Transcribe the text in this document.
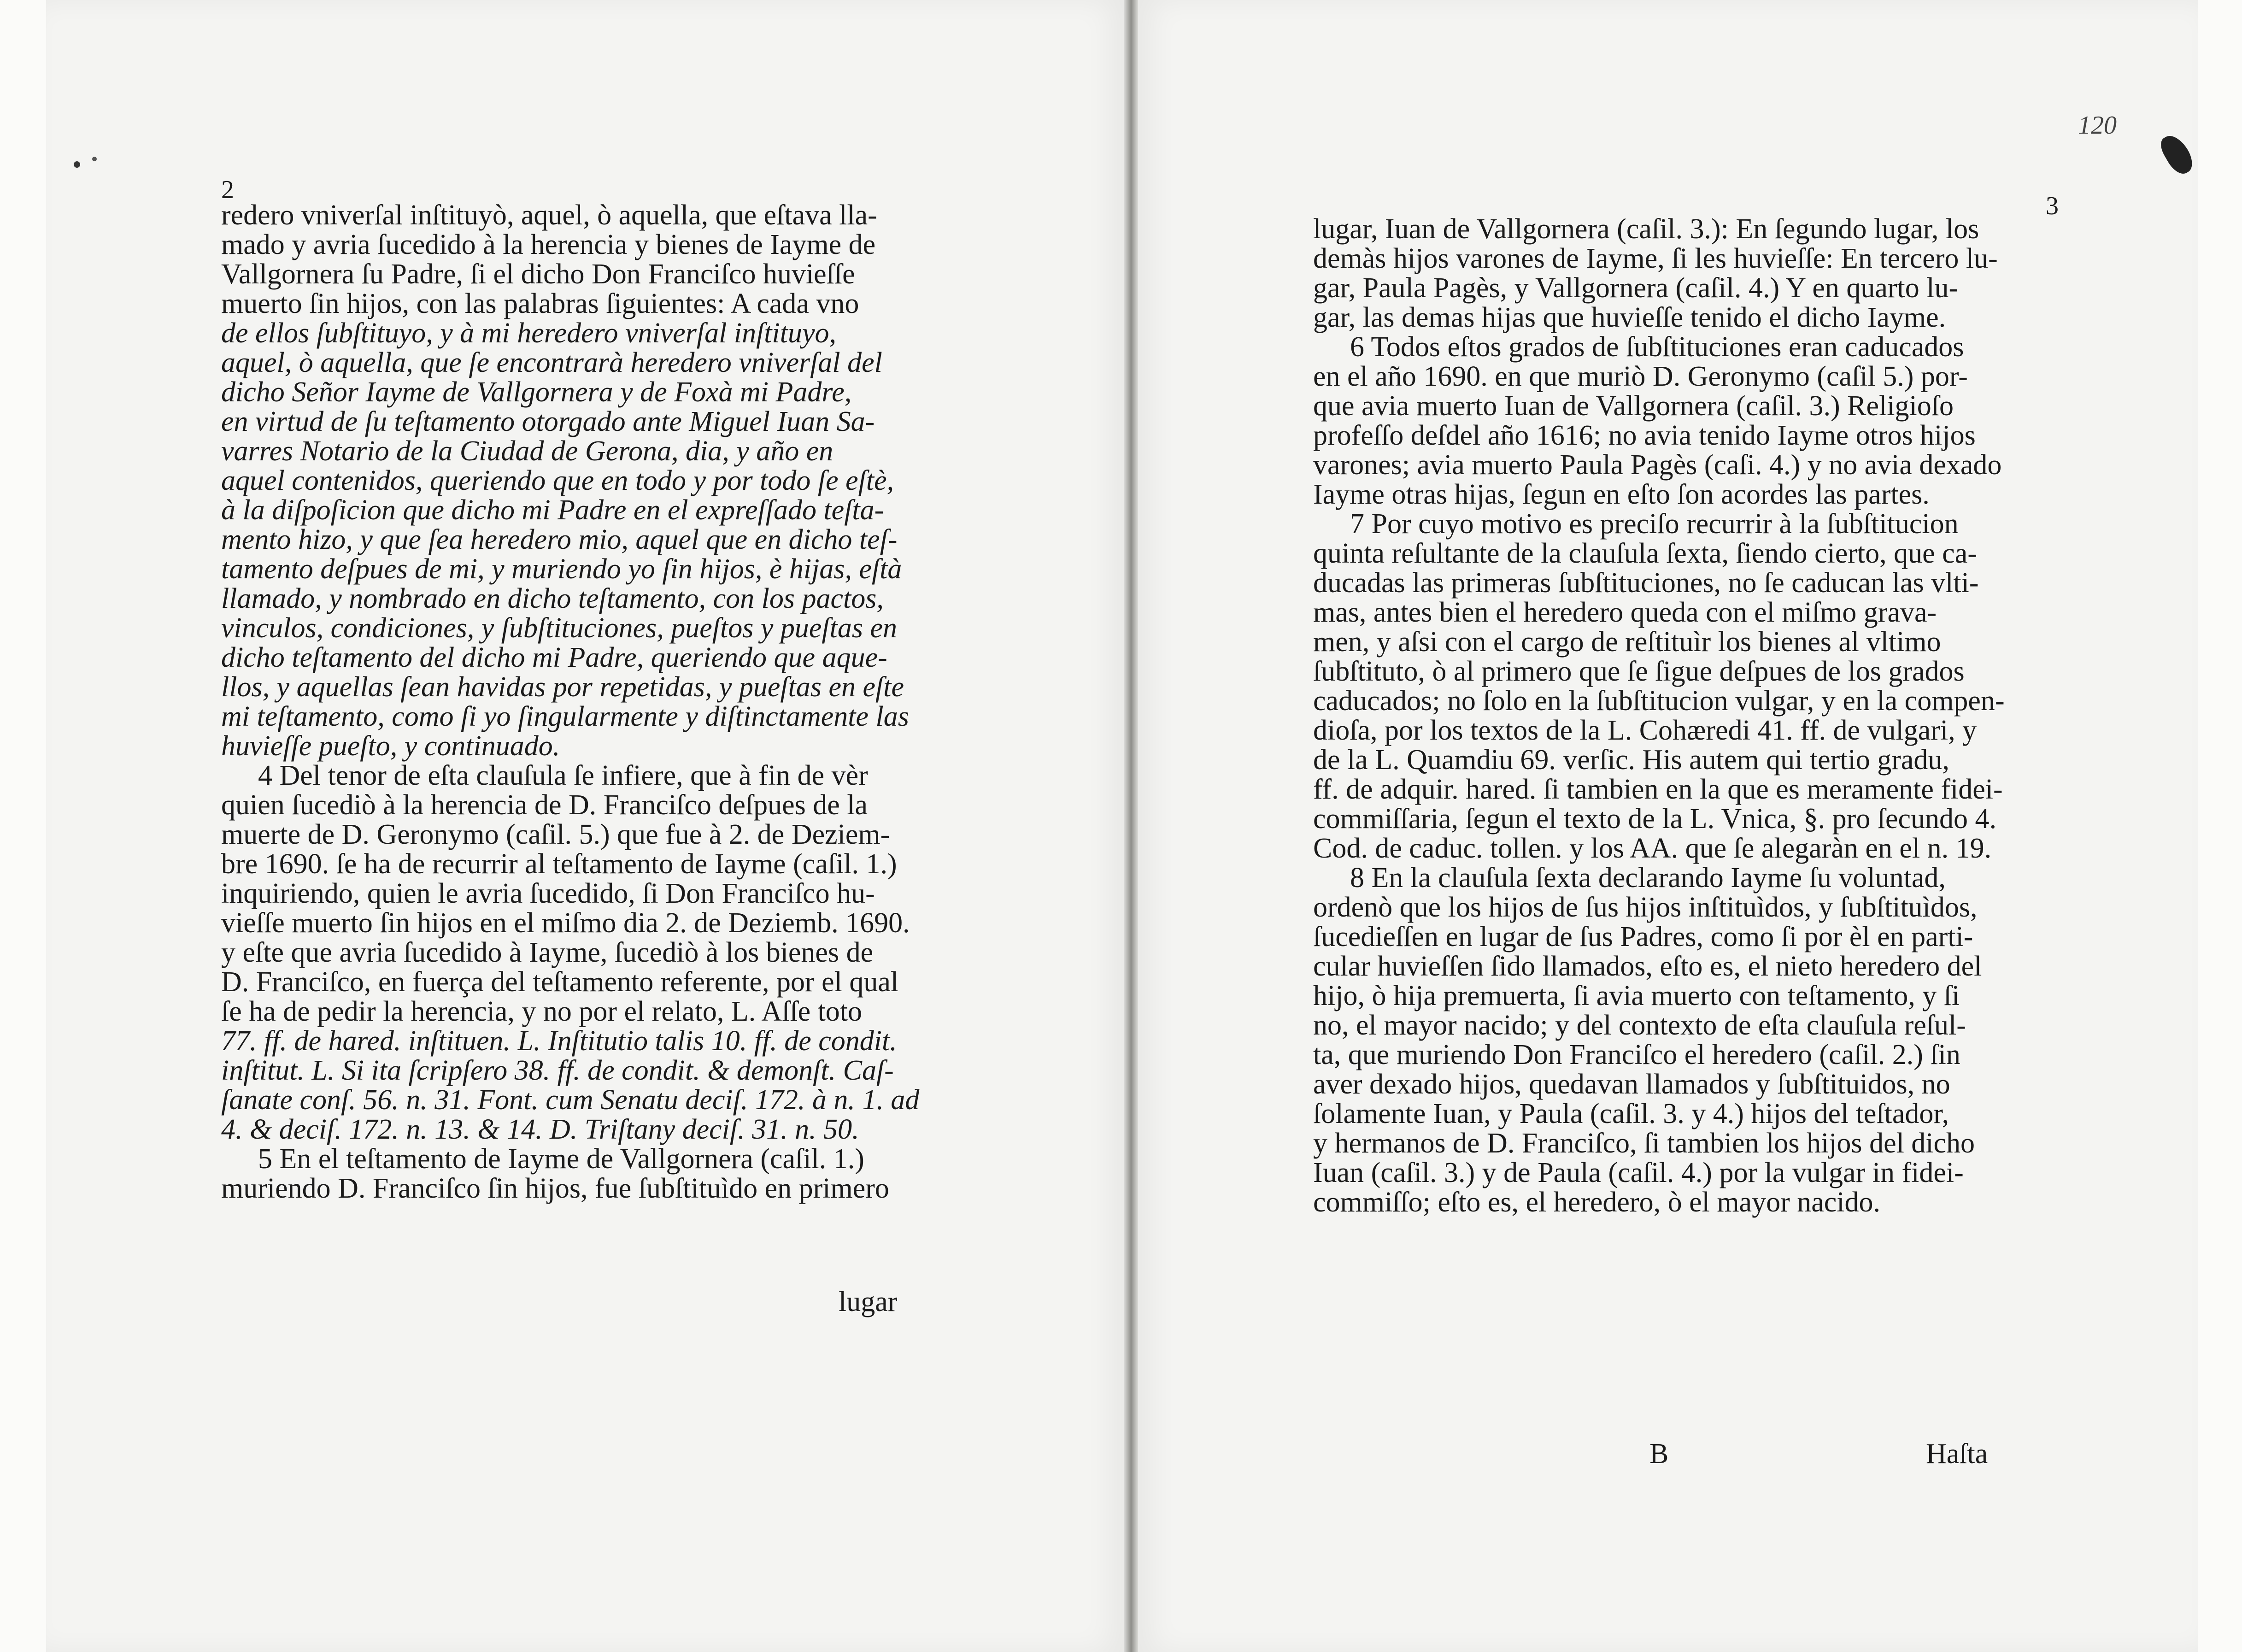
2
redero vniverſal inſtituyò, aquel, ò aquella, que eſtava lla-
mado y avria ſucedido à la herencia y bienes de Iayme de
Vallgornera ſu Padre, ſi el dicho Don Franciſco huvieſſe
muerto ſin hijos, con las palabras ſiguientes: A cada vno
de ellos ſubſtituyo, y à mi heredero vniverſal inſtituyo,
aquel, ò aquella, que ſe encontrarà heredero vniverſal del
dicho Señor Iayme de Vallgornera y de Foxà mi Padre,
en virtud de ſu teſtamento otorgado ante Miguel Iuan Sa-
varres Notario de la Ciudad de Gerona, dia, y año en
aquel contenidos, queriendo que en todo y por todo ſe eſtè,
à la diſpoſicion que dicho mi Padre en el expreſſado teſta-
mento hizo, y que ſea heredero mio, aquel que en dicho teſ-
tamento deſpues de mi, y muriendo yo ſin hijos, è hijas, eſtà
llamado, y nombrado en dicho teſtamento, con los pactos,
vinculos, condiciones, y ſubſtituciones, pueſtos y pueſtas en
dicho teſtamento del dicho mi Padre, queriendo que aque-
llos, y aquellas ſean havidas por repetidas, y pueſtas en eſte
mi teſtamento, como ſi yo ſingularmente y diſtinctamente las
huvieſſe pueſto, y continuado.
4 Del tenor de eſta clauſula ſe infiere, que à fin de vèr
quien ſucediò à la herencia de D. Franciſco deſpues de la
muerte de D. Geronymo (caſil. 5.) que fue à 2. de Deziem-
bre 1690. ſe ha de recurrir al teſtamento de Iayme (caſil. 1.)
inquiriendo, quien le avria ſucedido, ſi Don Franciſco hu-
vieſſe muerto ſin hijos en el miſmo dia 2. de Deziemb. 1690.
y eſte que avria ſucedido à Iayme, ſucediò à los bienes de
D. Franciſco, en fuerça del teſtamento referente, por el qual
ſe ha de pedir la herencia, y no por el relato, L. Aſſe toto
77. ff. de hared. inſtituen. L. Inſtitutio talis 10. ff. de condit.
inſtitut. L. Si ita ſcripſero 38. ff. de condit. & demonſt. Caſ-
ſanate conſ. 56. n. 31. Font. cum Senatu deciſ. 172. à n. 1. ad
4. & deciſ. 172. n. 13. & 14. D. Triſtany deciſ. 31. n. 50.
5 En el teſtamento de Iayme de Vallgornera (caſil. 1.)
muriendo D. Franciſco ſin hijos, fue ſubſtituìdo en primero
lugar
120
3
lugar, Iuan de Vallgornera (caſil. 3.): En ſegundo lugar, los
demàs hijos varones de Iayme, ſi les huvieſſe: En tercero lu-
gar, Paula Pagès, y Vallgornera (caſil. 4.) Y en quarto lu-
gar, las demas hijas que huvieſſe tenido el dicho Iayme.
6 Todos eſtos grados de ſubſtituciones eran caducados
en el año 1690. en que muriò D. Geronymo (caſil 5.) por-
que avia muerto Iuan de Vallgornera (caſil. 3.) Religioſo
profeſſo deſdel año 1616; no avia tenido Iayme otros hijos
varones; avia muerto Paula Pagès (caſi. 4.) y no avia dexado
Iayme otras hijas, ſegun en eſto ſon acordes las partes.
7 Por cuyo motivo es preciſo recurrir à la ſubſtitucion
quinta reſultante de la clauſula ſexta, ſiendo cierto, que ca-
ducadas las primeras ſubſtituciones, no ſe caducan las vlti-
mas, antes bien el heredero queda con el miſmo grava-
men, y aſsi con el cargo de reſtituìr los bienes al vltimo
ſubſtituto, ò al primero que ſe ſigue deſpues de los grados
caducados; no ſolo en la ſubſtitucion vulgar, y en la compen-
dioſa, por los textos de la L. Cohæredi 41. ff. de vulgari, y
de la L. Quamdiu 69. verſic. His autem qui tertio gradu,
ff. de adquir. hared. ſi tambien en la que es meramente fidei-
commiſſaria, ſegun el texto de la L. Vnica, §. pro ſecundo 4.
Cod. de caduc. tollen. y los AA. que ſe alegaràn en el n. 19.
8 En la clauſula ſexta declarando Iayme ſu voluntad,
ordenò que los hijos de ſus hijos inſtituìdos, y ſubſtituìdos,
ſucedieſſen en lugar de ſus Padres, como ſi por èl en parti-
cular huvieſſen ſido llamados, eſto es, el nieto heredero del
hijo, ò hija premuerta, ſi avia muerto con teſtamento, y ſi
no, el mayor nacido; y del contexto de eſta clauſula reſul-
ta, que muriendo Don Franciſco el heredero (caſil. 2.) ſin
aver dexado hijos, quedavan llamados y ſubſtituidos, no
ſolamente Iuan, y Paula (caſil. 3. y 4.) hijos del teſtador,
y hermanos de D. Franciſco, ſi tambien los hijos del dicho
Iuan (caſil. 3.) y de Paula (caſil. 4.) por la vulgar in fidei-
commiſſo; eſto es, el heredero, ò el mayor nacido.
B	Haſta
